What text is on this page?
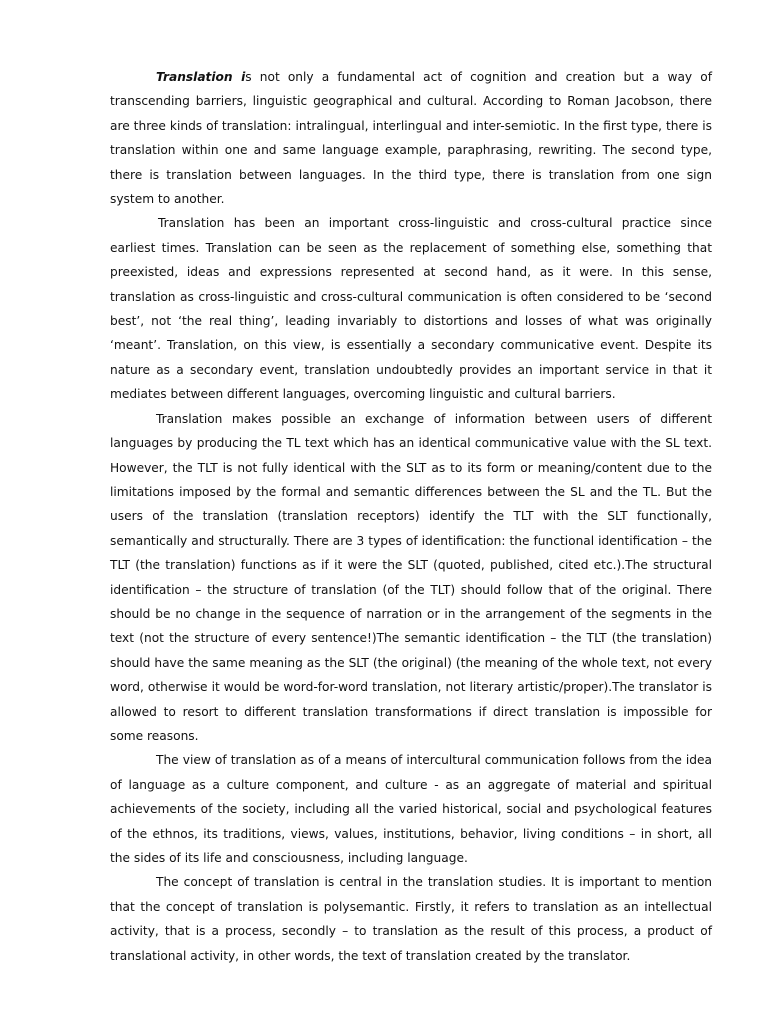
Translation is not only a fundamental act of cognition and creation but a way of transcending barriers, linguistic geographical and cultural. According to Roman Jacobson, there are three kinds of translation: intralingual, interlingual and inter-semiotic. In the first type, there is translation within one and same language example, paraphrasing, rewriting. The second type, there is translation between languages. In the third type, there is translation from one sign system to another.

Translation has been an important cross-linguistic and cross-cultural practice since earliest times. Translation can be seen as the replacement of something else, something that preexisted, ideas and expressions represented at second hand, as it were. In this sense, translation as cross-linguistic and cross-cultural communication is often considered to be ‘second best’, not ‘the real thing’, leading invariably to distortions and losses of what was originally ‘meant’. Translation, on this view, is essentially a secondary communicative event. Despite its nature as a secondary event, translation undoubtedly provides an important service in that it mediates between different languages, overcoming linguistic and cultural barriers.

Translation makes possible an exchange of information between users of different languages by producing the TL text which has an identical communicative value with the SL text. However, the TLT is not fully identical with the SLT as to its form or meaning/content due to the limitations imposed by the formal and semantic differences between the SL and the TL. But the users of the translation (translation receptors) identify the TLT with the SLT functionally, semantically and structurally. There are 3 types of identification: the functional identification – the TLT (the translation) functions as if it were the SLT (quoted, published, cited etc.).The structural identification – the structure of translation (of the TLT) should follow that of the original. There should be no change in the sequence of narration or in the arrangement of the segments in the text (not the structure of every sentence!)The semantic identification – the TLT (the translation) should have the same meaning as the SLT (the original) (the meaning of the whole text, not every word, otherwise it would be word-for-word translation, not literary artistic/proper).The translator is allowed to resort to different translation transformations if direct translation is impossible for some reasons.

The view of translation as of a means of intercultural communication follows from the idea of language as a culture component, and culture - as an aggregate of material and spiritual achievements of the society, including all the varied historical, social and psychological features of the ethnos, its traditions, views, values, institutions, behavior, living conditions – in short, all the sides of its life and consciousness, including language.

The concept of translation is central in the translation studies. It is important to mention that the concept of translation is polysemantic. Firstly, it refers to translation as an intellectual activity, that is a process, secondly – to translation as the result of this process, a product of translational activity, in other words, the text of translation created by the translator.
